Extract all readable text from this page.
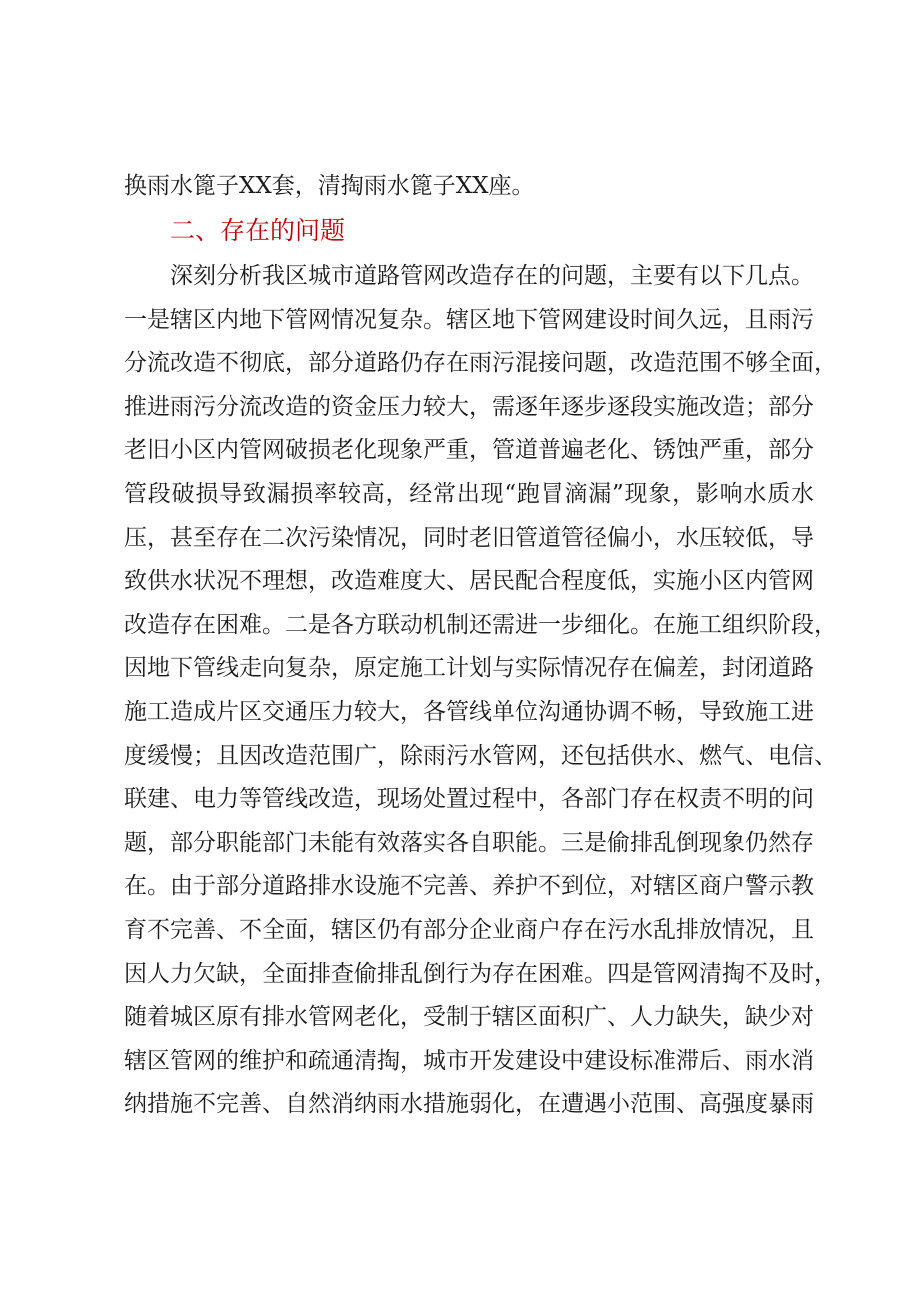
换雨水篦子XX套，清掏雨水篦子XX座。
二、存在的问题
深刻分析我区城市道路管网改造存在的问题，主要有以下几点。
一是辖区内地下管网情况复杂。辖区地下管网建设时间久远，且雨污
分流改造不彻底，部分道路仍存在雨污混接问题，改造范围不够全面，
推进雨污分流改造的资金压力较大，需逐年逐步逐段实施改造；部分
老旧小区内管网破损老化现象严重，管道普遍老化、锈蚀严重，部分
管段破损导致漏损率较高，经常出现“跑冒滴漏”现象，影响水质水
压，甚至存在二次污染情况，同时老旧管道管径偏小，水压较低，导
致供水状况不理想，改造难度大、居民配合程度低，实施小区内管网
改造存在困难。二是各方联动机制还需进一步细化。在施工组织阶段，
因地下管线走向复杂，原定施工计划与实际情况存在偏差，封闭道路
施工造成片区交通压力较大，各管线单位沟通协调不畅，导致施工进
度缓慢；且因改造范围广，除雨污水管网，还包括供水、燃气、电信、
联建、电力等管线改造，现场处置过程中，各部门存在权责不明的问
题，部分职能部门未能有效落实各自职能。三是偷排乱倒现象仍然存
在。由于部分道路排水设施不完善、养护不到位，对辖区商户警示教
育不完善、不全面，辖区仍有部分企业商户存在污水乱排放情况，且
因人力欠缺，全面排查偷排乱倒行为存在困难。四是管网清掏不及时，
随着城区原有排水管网老化，受制于辖区面积广、人力缺失，缺少对
辖区管网的维护和疏通清掏，城市开发建设中建设标准滞后、雨水消
纳措施不完善、自然消纳雨水措施弱化，在遭遇小范围、高强度暴雨
